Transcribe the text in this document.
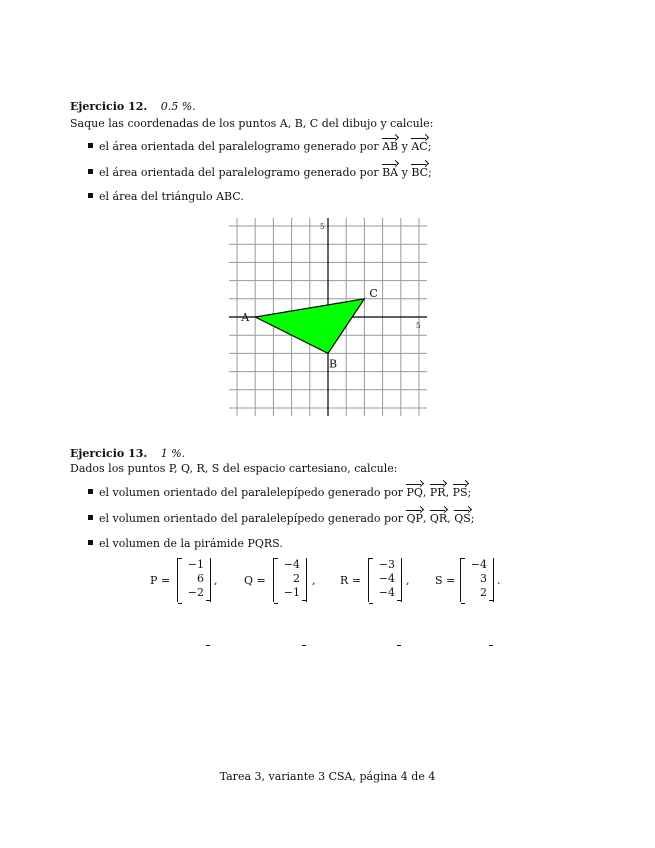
Ejercicio 12. 0.5 %.
Saque las coordenadas de los puntos A, B, C del dibujo y calcule:
el área orientada del paralelogramo generado por AB y AC;
el área orientada del paralelogramo generado por BA y BC;
el área del triángulo ABC.
A
B
C
5
5
Ejercicio 13. 1 %.
Dados los puntos P, Q, R, S del espacio cartesiano, calcule:
el volumen orientado del paralelepípedo generado por PQ, PR, PS;
el volumen orientado del paralelepípedo generado por QP, QR, QS;
el volumen de la pirámide PQRS.
P =
−1
6
−2
, Q =
−4
2
−1
, R =
−3
−4
−4
, S =
−4
3
2
.
Tarea 3, variante 3 CSA, página 4 de 4
